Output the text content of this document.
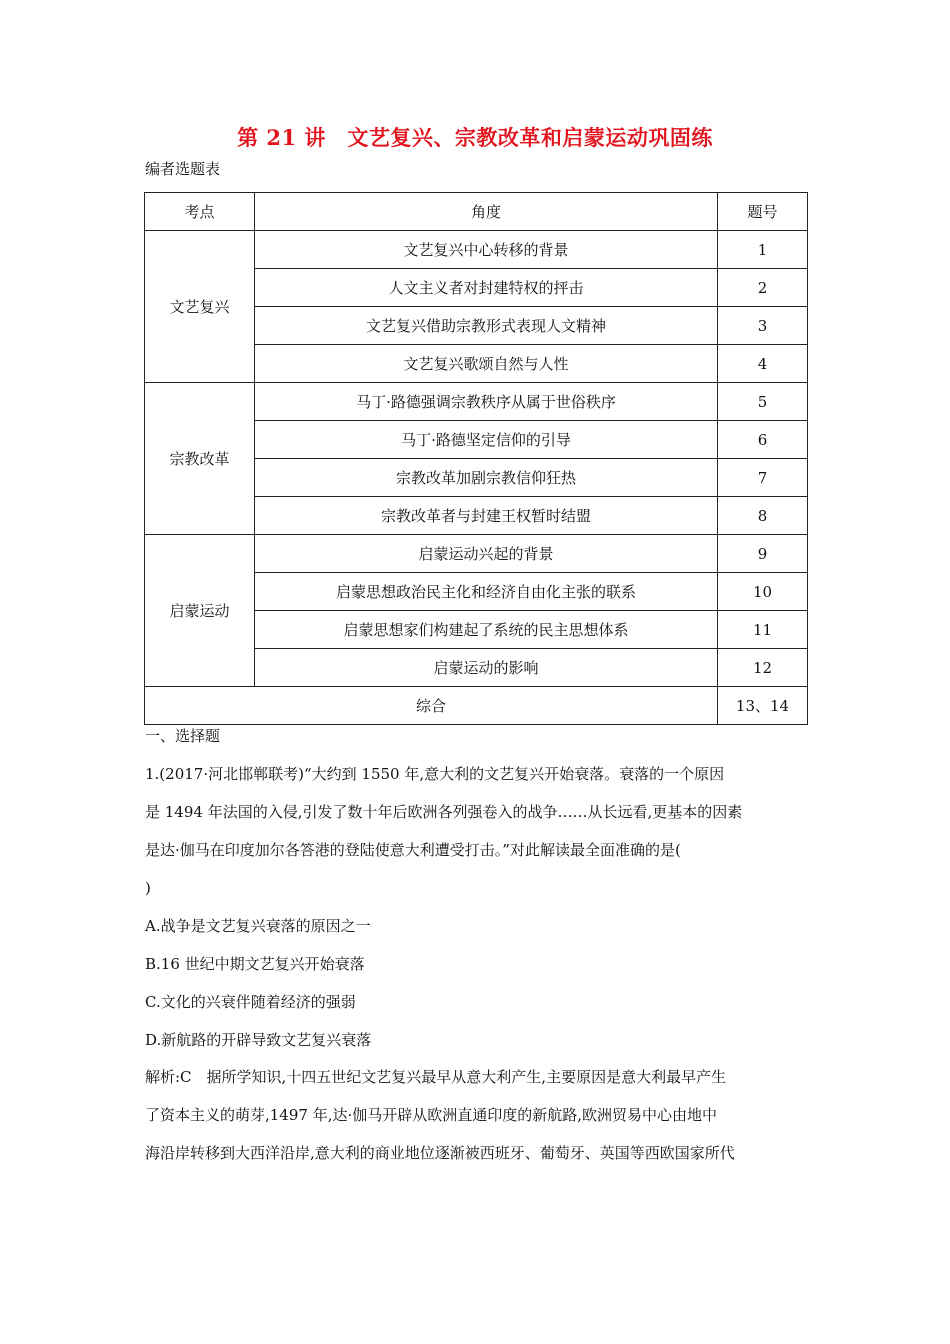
第 21 讲　文艺复兴、宗教改革和启蒙运动巩固练
编者选题表
考点	角度	题号
文艺复兴	文艺复兴中心转移的背景	1
	人文主义者对封建特权的抨击	2
	文艺复兴借助宗教形式表现人文精神	3
	文艺复兴歌颂自然与人性	4
宗教改革	马丁·路德强调宗教秩序从属于世俗秩序	5
	马丁·路德坚定信仰的引导	6
	宗教改革加剧宗教信仰狂热	7
	宗教改革者与封建王权暂时结盟	8
启蒙运动	启蒙运动兴起的背景	9
	启蒙思想政治民主化和经济自由化主张的联系	10
	启蒙思想家们构建起了系统的民主思想体系	11
	启蒙运动的影响	12
综合		13、14
一、选择题
1.(2017·河北邯郸联考)“大约到 1550 年,意大利的文艺复兴开始衰落。衰落的一个原因
是 1494 年法国的入侵,引发了数十年后欧洲各列强卷入的战争……从长远看,更基本的因素
是达·伽马在印度加尔各答港的登陆使意大利遭受打击。”对此解读最全面准确的是(
)
A.战争是文艺复兴衰落的原因之一
B.16 世纪中期文艺复兴开始衰落
C.文化的兴衰伴随着经济的强弱
D.新航路的开辟导致文艺复兴衰落
解析:C　据所学知识,十四五世纪文艺复兴最早从意大利产生,主要原因是意大利最早产生
了资本主义的萌芽,1497 年,达·伽马开辟从欧洲直通印度的新航路,欧洲贸易中心由地中
海沿岸转移到大西洋沿岸,意大利的商业地位逐渐被西班牙、葡萄牙、英国等西欧国家所代
